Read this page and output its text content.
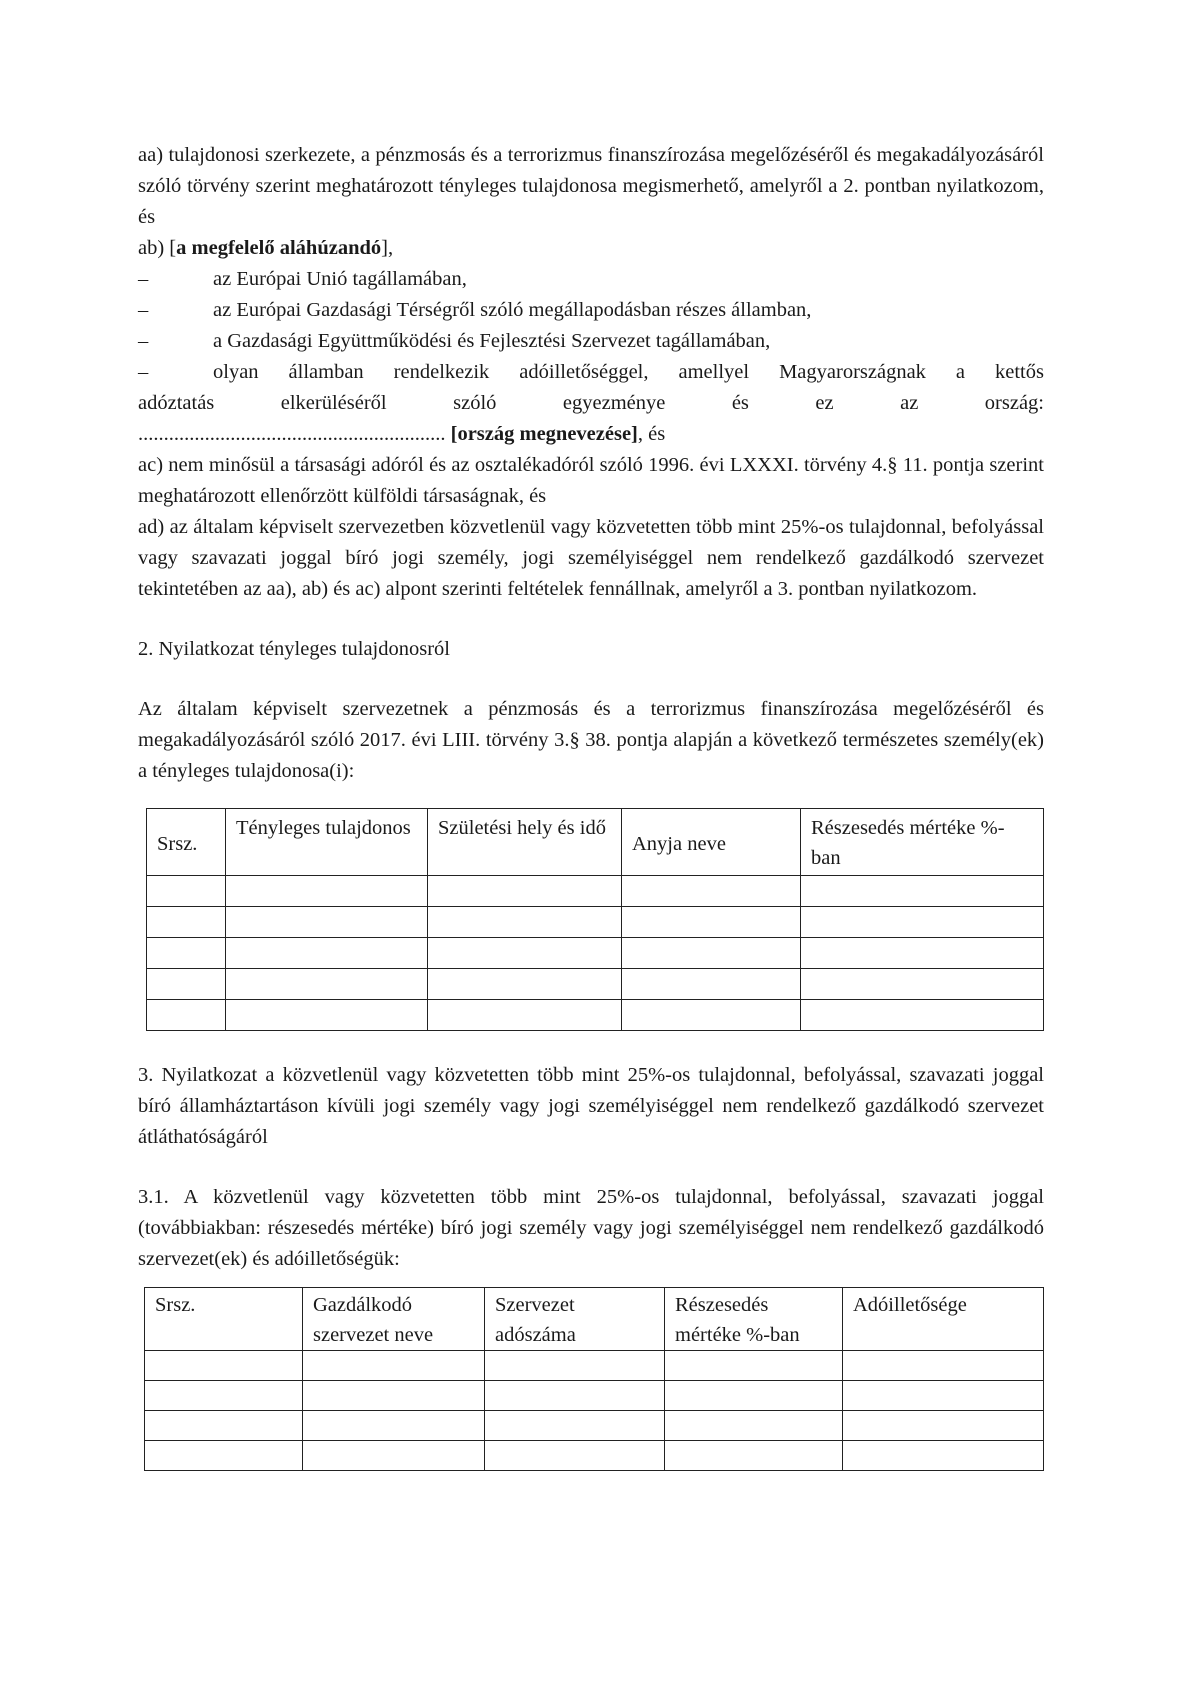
aa) tulajdonosi szerkezete, a pénzmosás és a terrorizmus finanszírozása megelőzéséről és megakadályozásáról szóló törvény szerint meghatározott tényleges tulajdonosa megismerhető, amelyről a 2. pontban nyilatkozom, és

ab) [a megfelelő aláhúzandó],

–	az Európai Unió tagállamában,
–	az Európai Gazdasági Térségről szóló megállapodásban részes államban,
–	a Gazdasági Együttműködési és Fejlesztési Szervezet tagállamában,
–	olyan államban rendelkezik adóilletőséggel, amellyel Magyarországnak a kettős

adóztatás elkerüléséről szóló egyezménye és ez az ország:

............................................................ [ország megnevezése], és

ac) nem minősül a társasági adóról és az osztalékadóról szóló 1996. évi LXXXI. törvény 4.§ 11. pontja szerint meghatározott ellenőrzött külföldi társaságnak, és

ad) az általam képviselt szervezetben közvetlenül vagy közvetetten több mint 25%-os tulajdonnal, befolyással vagy szavazati joggal bíró jogi személy, jogi személyiséggel nem rendelkező gazdálkodó szervezet tekintetében az aa), ab) és ac) alpont szerinti feltételek fennállnak, amelyről a 3. pontban nyilatkozom.

2. Nyilatkozat tényleges tulajdonosról

Az általam képviselt szervezetnek a pénzmosás és a terrorizmus finanszírozása megelőzéséről és megakadályozásáról szóló 2017. évi LIII. törvény 3.§ 38. pontja alapján a következő természetes személy(ek) a tényleges tulajdonosa(i):

Srsz.	Tényleges tulajdonos	Születési hely és idő	Anyja neve	Részesedés mértéke %-ban

3. Nyilatkozat a közvetlenül vagy közvetetten több mint 25%-os tulajdonnal, befolyással, szavazati joggal bíró államháztartáson kívüli jogi személy vagy jogi személyiséggel nem rendelkező gazdálkodó szervezet átláthatóságáról

3.1. A közvetlenül vagy közvetetten több mint 25%-os tulajdonnal, befolyással, szavazati joggal (továbbiakban: részesedés mértéke) bíró jogi személy vagy jogi személyiséggel nem rendelkező gazdálkodó szervezet(ek) és adóilletőségük:

Srsz.	Gazdálkodó szervezet neve	Szervezet adószáma	Részesedés mértéke %-ban	Adóilletősége
